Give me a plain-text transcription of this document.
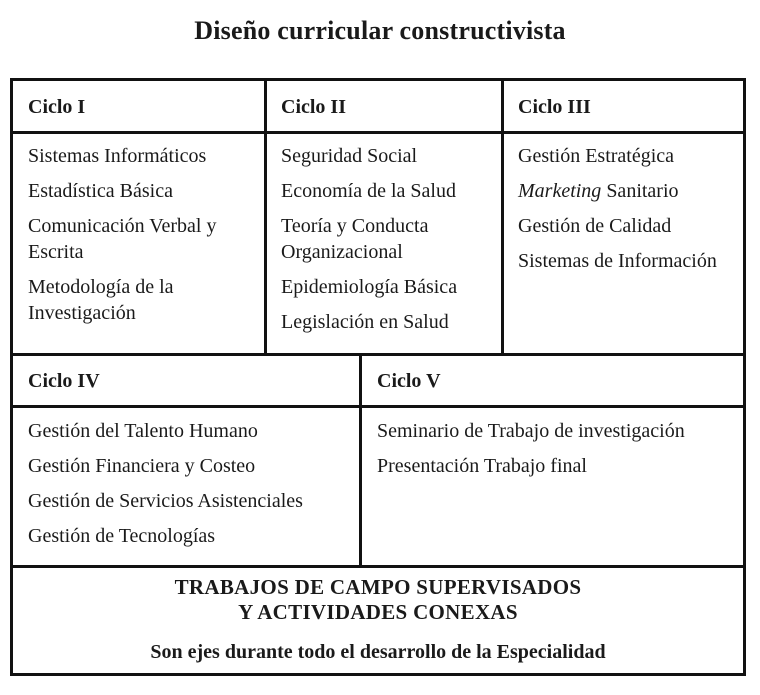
Diseño curricular constructivista
Ciclo I
Sistemas Informáticos
Estadística Básica
Comunicación Verbal y Escrita
Metodología de la Investigación
Ciclo II
Seguridad Social
Economía de la Salud
Teoría y Conducta Organizacional
Epidemiología Básica
Legislación en Salud
Ciclo III
Gestión Estratégica
Marketing Sanitario
Gestión de Calidad
Sistemas de Información
Ciclo IV
Gestión del Talento Humano
Gestión Financiera y Costeo
Gestión de Servicios Asistenciales
Gestión de Tecnologías
Ciclo V
Seminario de Trabajo de investigación
Presentación Trabajo final
TRABAJOS DE CAMPO SUPERVISADOS
Y ACTIVIDADES CONEXAS
Son ejes durante todo el desarrollo de la Especialidad
